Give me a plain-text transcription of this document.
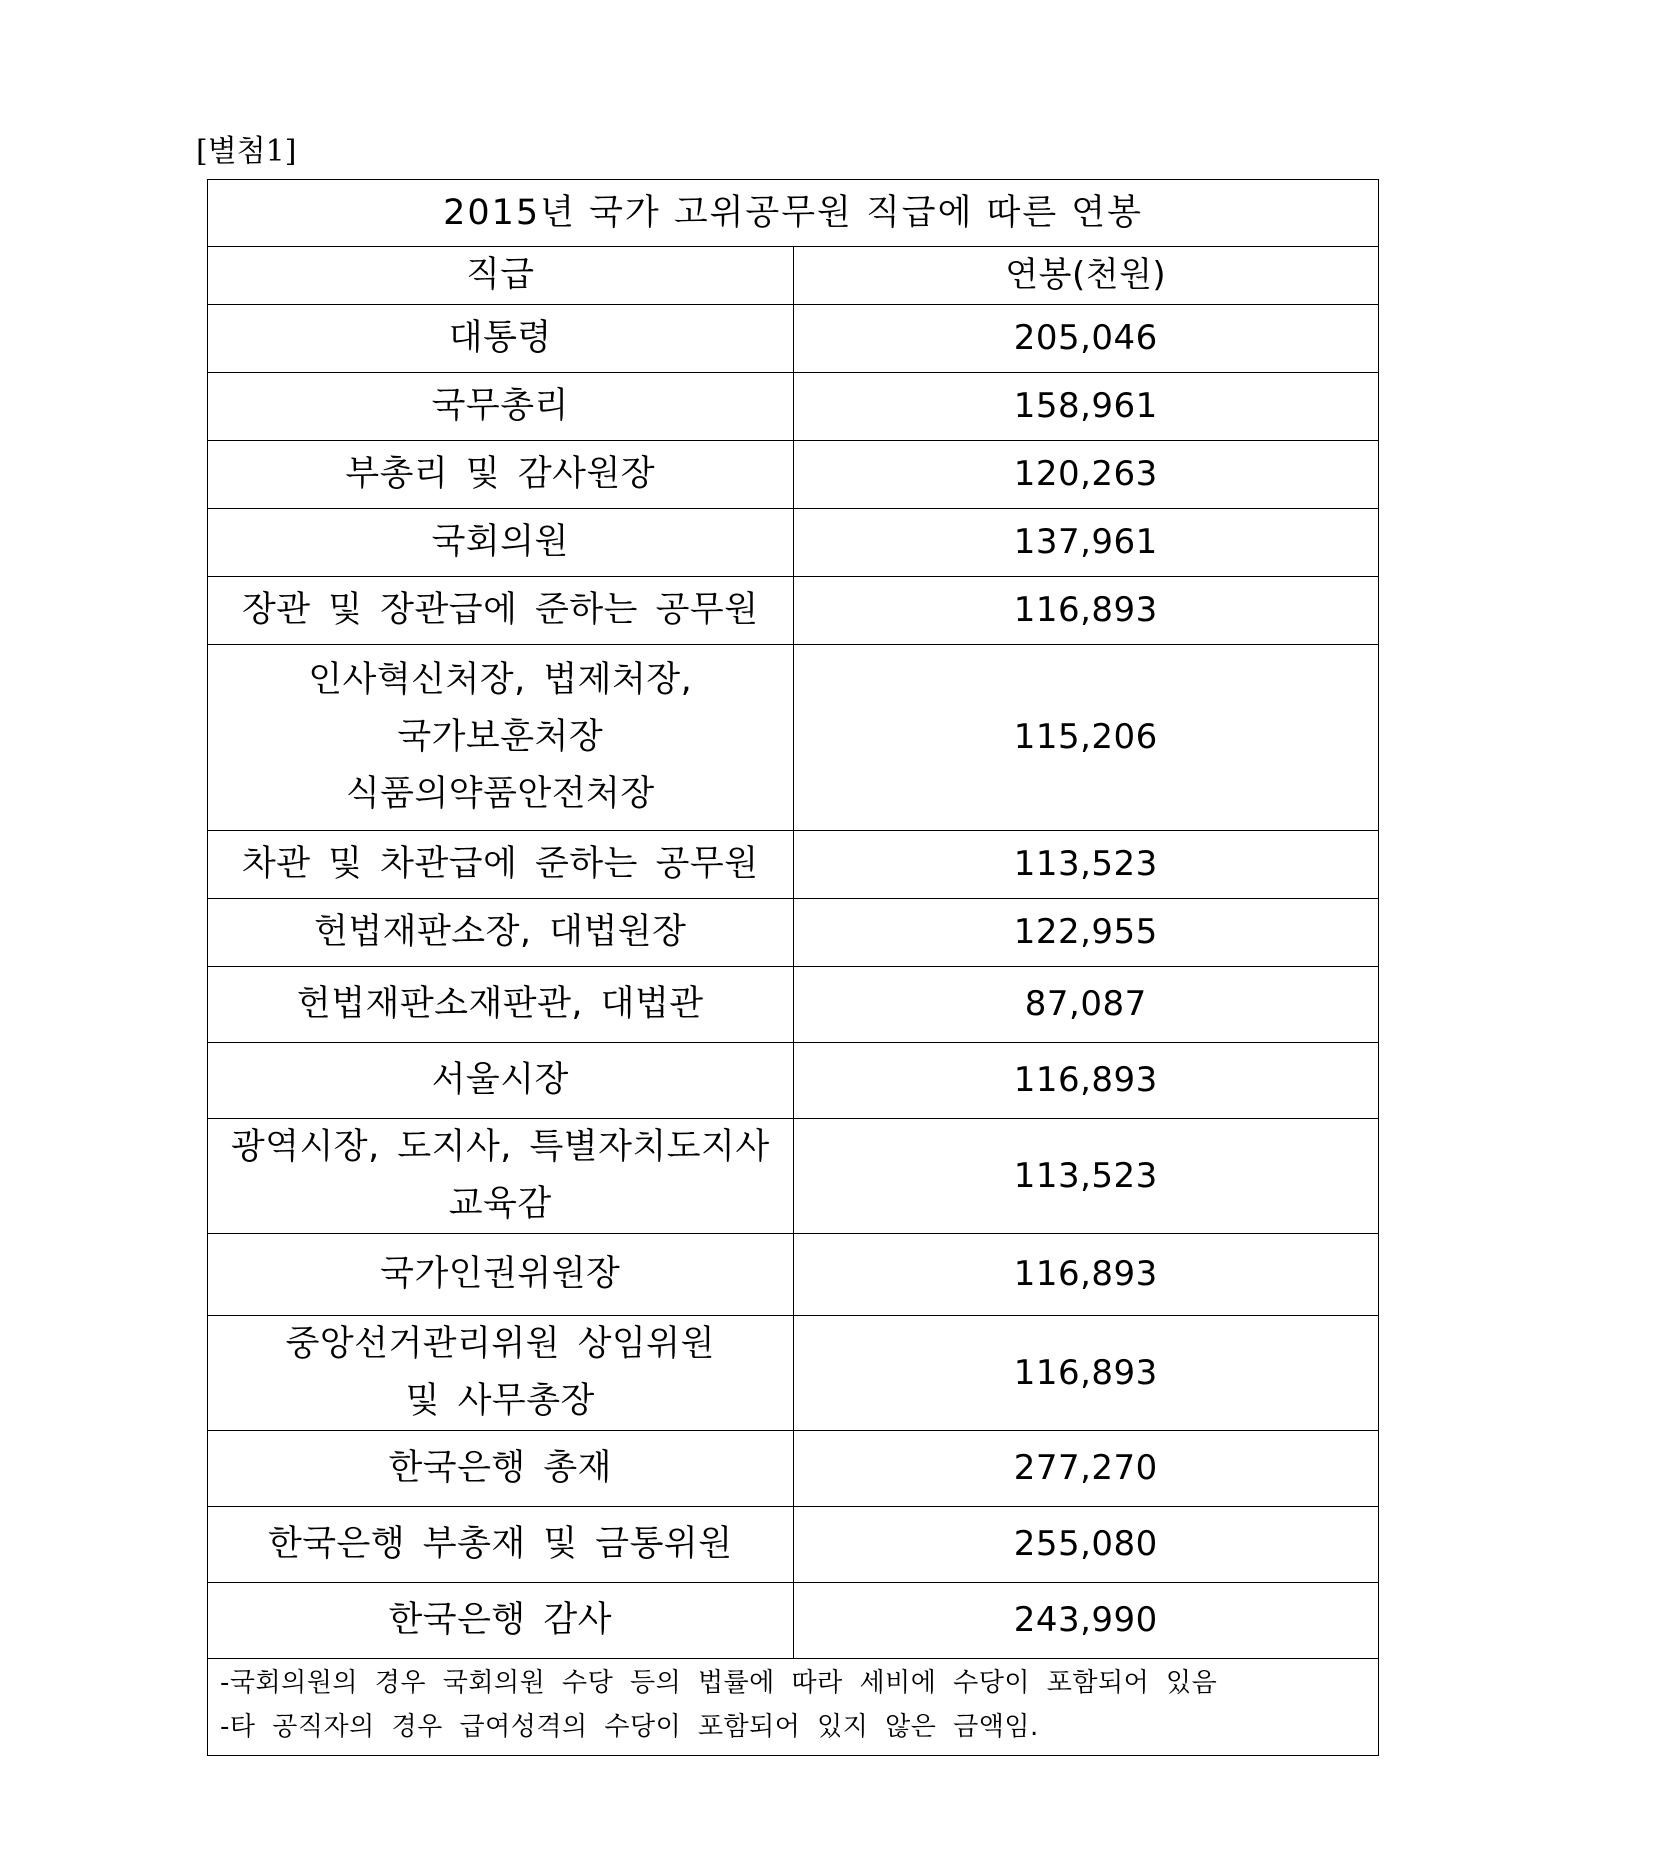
[별첨1]
2015년 국가 고위공무원 직급에 따른 연봉	
직급	연봉(천원)

대통령	205,046

국무총리	158,961

부총리 및 감사원장	120,263

국회의원	137,961

장관 및 장관급에 준하는 공무원	116,893

인사혁신처장, 법제처장,
국가보훈처장
식품의약품안전처장	115,206

차관 및 차관급에 준하는 공무원	113,523

헌법재판소장, 대법원장	122,955

헌법재판소재판관, 대법관	87,087

서울시장	116,893

광역시장, 도지사, 특별자치도지사
교육감	113,523

국가인권위원장	116,893

중앙선거관리위원 상임위원
및 사무총장	116,893

한국은행 총재	277,270

한국은행 부총재 및 금통위원	255,080

한국은행 감사	243,990

-국회의원의 경우 국회의원 수당 등의 법률에 따라 세비에 수당이 포함되어 있음
-타 공직자의 경우 급여성격의 수당이 포함되어 있지 않은 금액임.	
